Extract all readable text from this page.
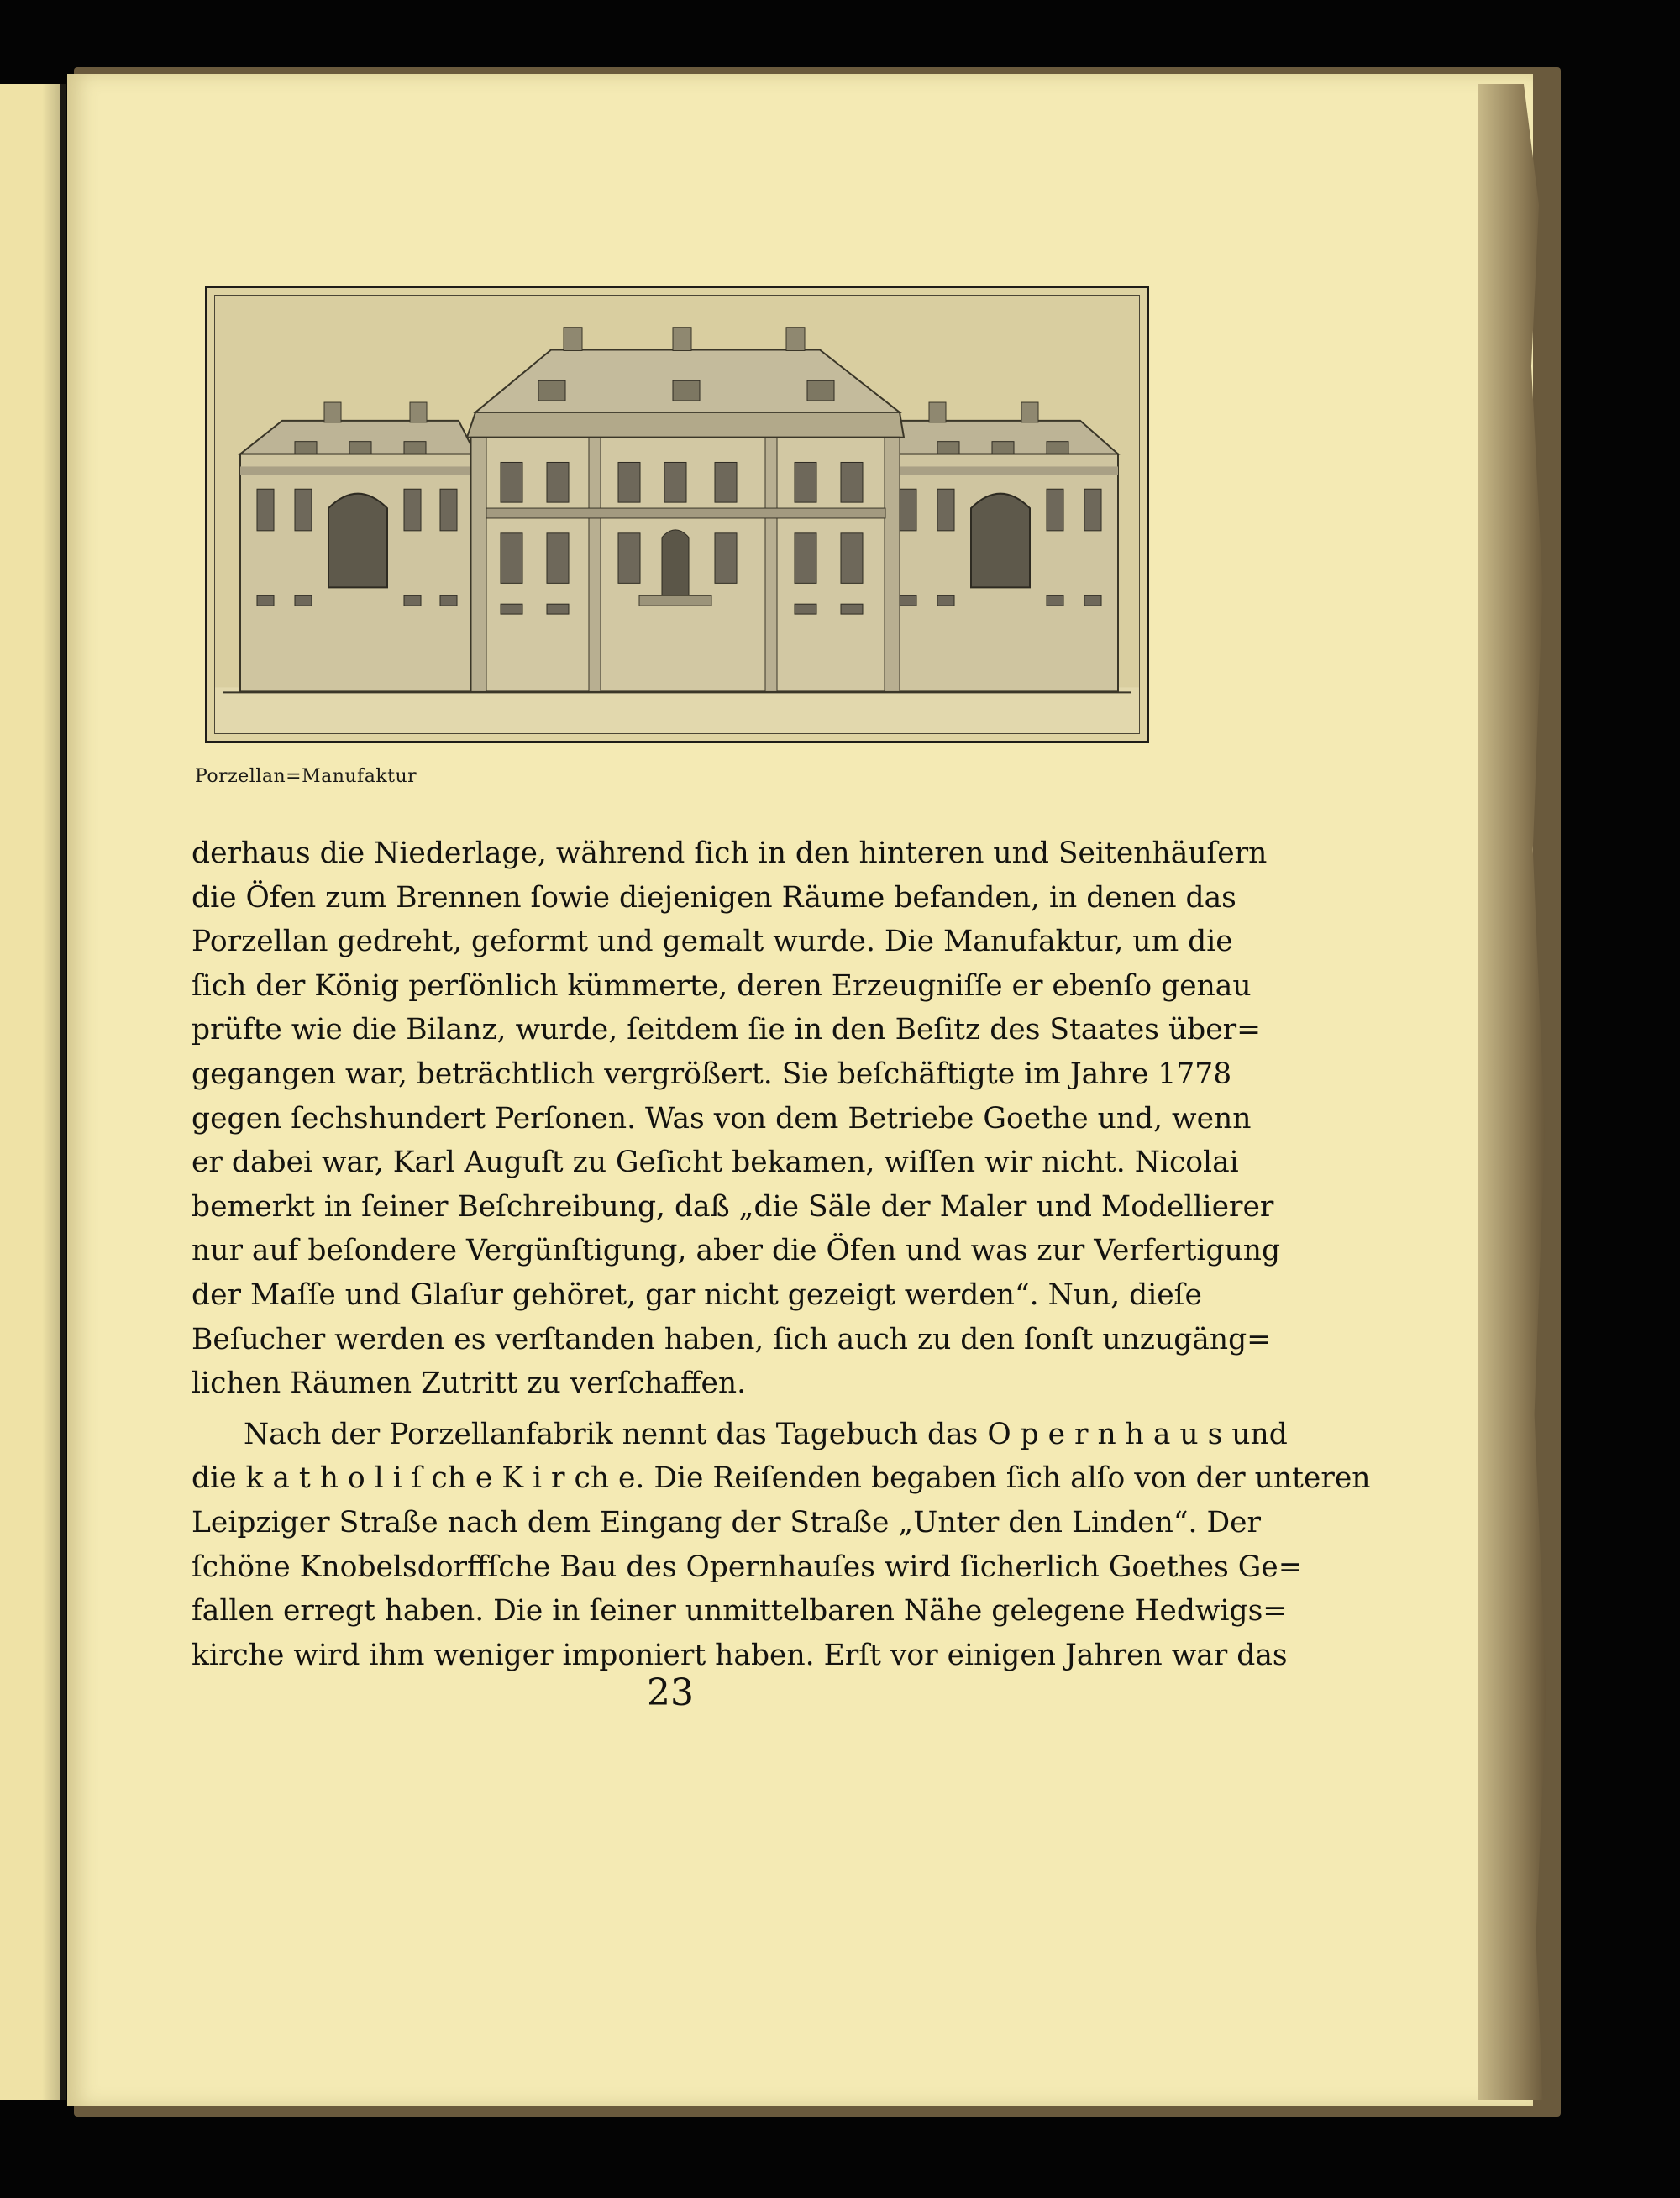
Porzellan=Manufaktur
derhaus die Niederlage, während ſich in den hinteren und Seitenhäuſern
die Öfen zum Brennen ſowie diejenigen Räume befanden, in denen das
Porzellan gedreht, geformt und gemalt wurde. Die Manufaktur, um die
ſich der König perſönlich kümmerte, deren Erzeugniſſe er ebenſo genau
prüfte wie die Bilanz, wurde, ſeitdem ſie in den Beſitz des Staates über=
gegangen war, beträchtlich vergrößert. Sie beſchäftigte im Jahre 1778
gegen ſechshundert Perſonen. Was von dem Betriebe Goethe und, wenn
er dabei war, Karl Auguſt zu Geſicht bekamen, wiſſen wir nicht. Nicolai
bemerkt in ſeiner Beſchreibung, daß „die Säle der Maler und Modellierer
nur auf beſondere Vergünſtigung, aber die Öfen und was zur Verfertigung
der Maſſe und Glaſur gehöret, gar nicht gezeigt werden“. Nun, dieſe
Beſucher werden es verſtanden haben, ſich auch zu den ſonſt unzugäng=
lichen Räumen Zutritt zu verſchaffen.
Nach der Porzellanfabrik nennt das Tagebuch das O p e r n h a u s und
die k a t h o l i ſ ch e K i r ch e. Die Reiſenden begaben ſich alſo von der unteren
Leipziger Straße nach dem Eingang der Straße „Unter den Linden“. Der
ſchöne Knobelsdorffſche Bau des Opernhauſes wird ſicherlich Goethes Ge=
fallen erregt haben. Die in ſeiner unmittelbaren Nähe gelegene Hedwigs=
kirche wird ihm weniger imponiert haben. Erſt vor einigen Jahren war das
23
